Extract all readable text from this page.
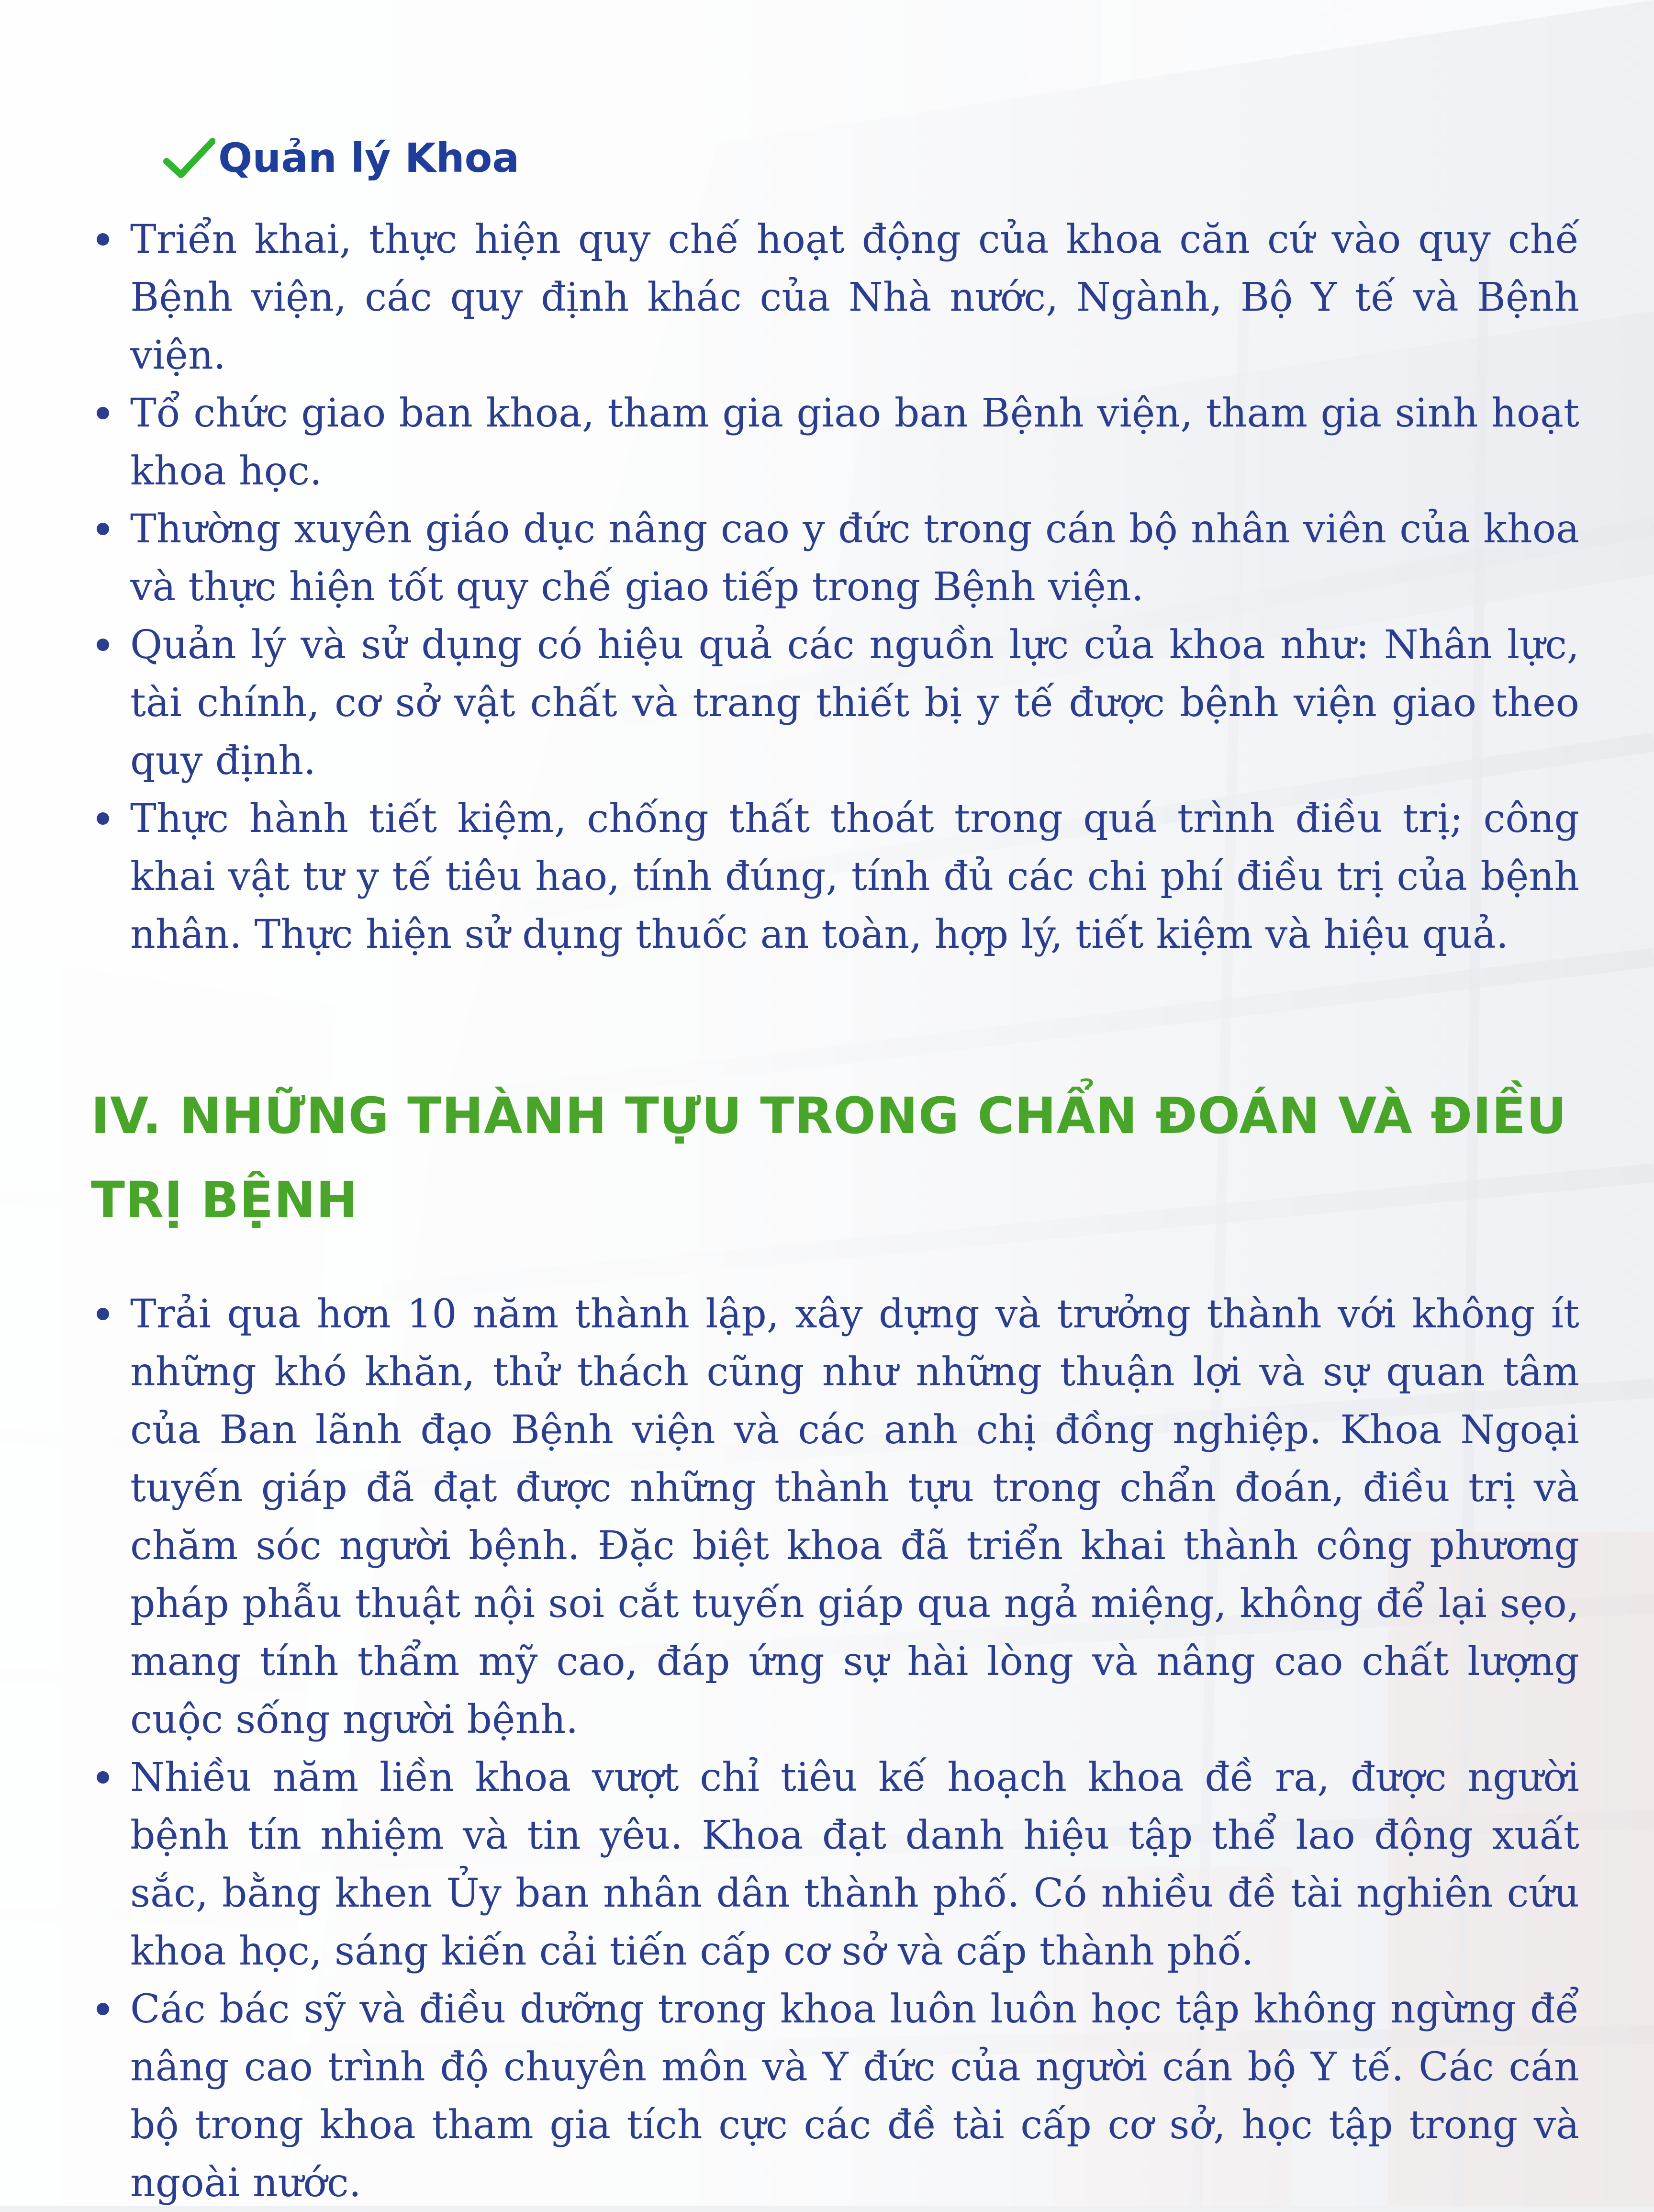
Quản lý Khoa
Triển khai, thực hiện quy chế hoạt động của khoa căn cứ vào quy chế Bệnh viện, các quy định khác của Nhà nước, Ngành, Bộ Y tế và Bệnh viện.
Tổ chức giao ban khoa, tham gia giao ban Bệnh viện, tham gia sinh hoạt khoa học.
Thường xuyên giáo dục nâng cao y đức trong cán bộ nhân viên của khoa và thực hiện tốt quy chế giao tiếp trong Bệnh viện.
Quản lý và sử dụng có hiệu quả các nguồn lực của khoa như: Nhân lực, tài chính, cơ sở vật chất và trang thiết bị y tế được bệnh viện giao theo quy định.
Thực hành tiết kiệm, chống thất thoát trong quá trình điều trị; công khai vật tư y tế tiêu hao, tính đúng, tính đủ các chi phí điều trị của bệnh nhân. Thực hiện sử dụng thuốc an toàn, hợp lý, tiết kiệm và hiệu quả.
IV. NHỮNG THÀNH TỰU TRONG CHẨN ĐOÁN VÀ ĐIỀU TRỊ BỆNH
Trải qua hơn 10 năm thành lập, xây dựng và trưởng thành với không ít những khó khăn, thử thách cũng như những thuận lợi và sự quan tâm của Ban lãnh đạo Bệnh viện và các anh chị đồng nghiệp. Khoa Ngoại tuyến giáp đã đạt được những thành tựu trong chẩn đoán, điều trị và chăm sóc người bệnh. Đặc biệt khoa đã triển khai thành công phương pháp phẫu thuật nội soi cắt tuyến giáp qua ngả miệng, không để lại sẹo, mang tính thẩm mỹ cao, đáp ứng sự hài lòng và nâng cao chất lượng cuộc sống người bệnh.
Nhiều năm liền khoa vượt chỉ tiêu kế hoạch khoa đề ra, được người bệnh tín nhiệm và tin yêu. Khoa đạt danh hiệu tập thể lao động xuất sắc, bằng khen Ủy ban nhân dân thành phố. Có nhiều đề tài nghiên cứu khoa học, sáng kiến cải tiến cấp cơ sở và cấp thành phố.
Các bác sỹ và điều dưỡng trong khoa luôn luôn học tập không ngừng để nâng cao trình độ chuyên môn và Y đức của người cán bộ Y tế. Các cán bộ trong khoa tham gia tích cực các đề tài cấp cơ sở, học tập trong và ngoài nước.
